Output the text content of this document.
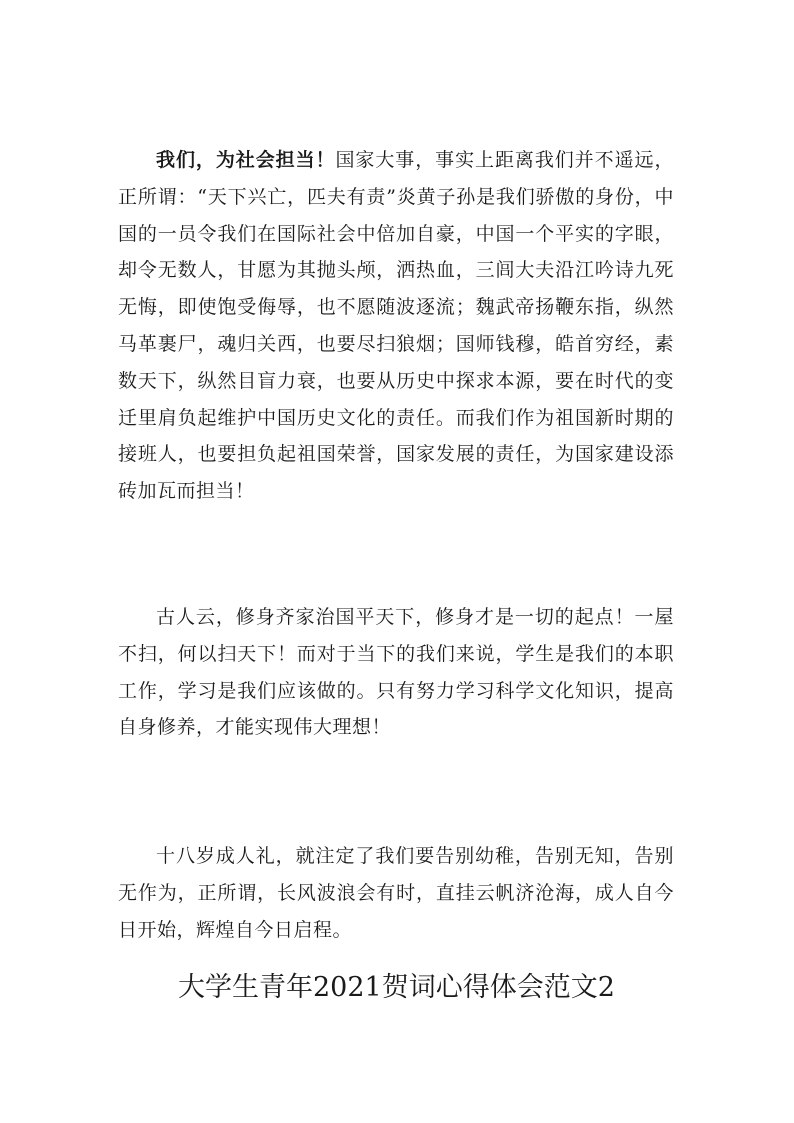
我们，为社会担当！国家大事，事实上距离我们并不遥远，正所谓：“天下兴亡，匹夫有责”炎黄子孙是我们骄傲的身份，中国的一员令我们在国际社会中倍加自豪，中国一个平实的字眼，却令无数人，甘愿为其抛头颅，洒热血，三闾大夫沿江吟诗九死无悔，即使饱受侮辱，也不愿随波逐流；魏武帝扬鞭东指，纵然马革裹尸，魂归关西，也要尽扫狼烟；国师钱穆，皓首穷经，素数天下，纵然目盲力衰，也要从历史中探求本源，要在时代的变迁里肩负起维护中国历史文化的责任。而我们作为祖国新时期的接班人，也要担负起祖国荣誉，国家发展的责任，为国家建设添砖加瓦而担当！

古人云，修身齐家治国平天下，修身才是一切的起点！一屋不扫，何以扫天下！而对于当下的我们来说，学生是我们的本职工作，学习是我们应该做的。只有努力学习科学文化知识，提高自身修养，才能实现伟大理想！

十八岁成人礼，就注定了我们要告别幼稚，告别无知，告别无作为，正所谓，长风波浪会有时，直挂云帆济沧海，成人自今日开始，辉煌自今日启程。

大学生青年2021贺词心得体会范文2
